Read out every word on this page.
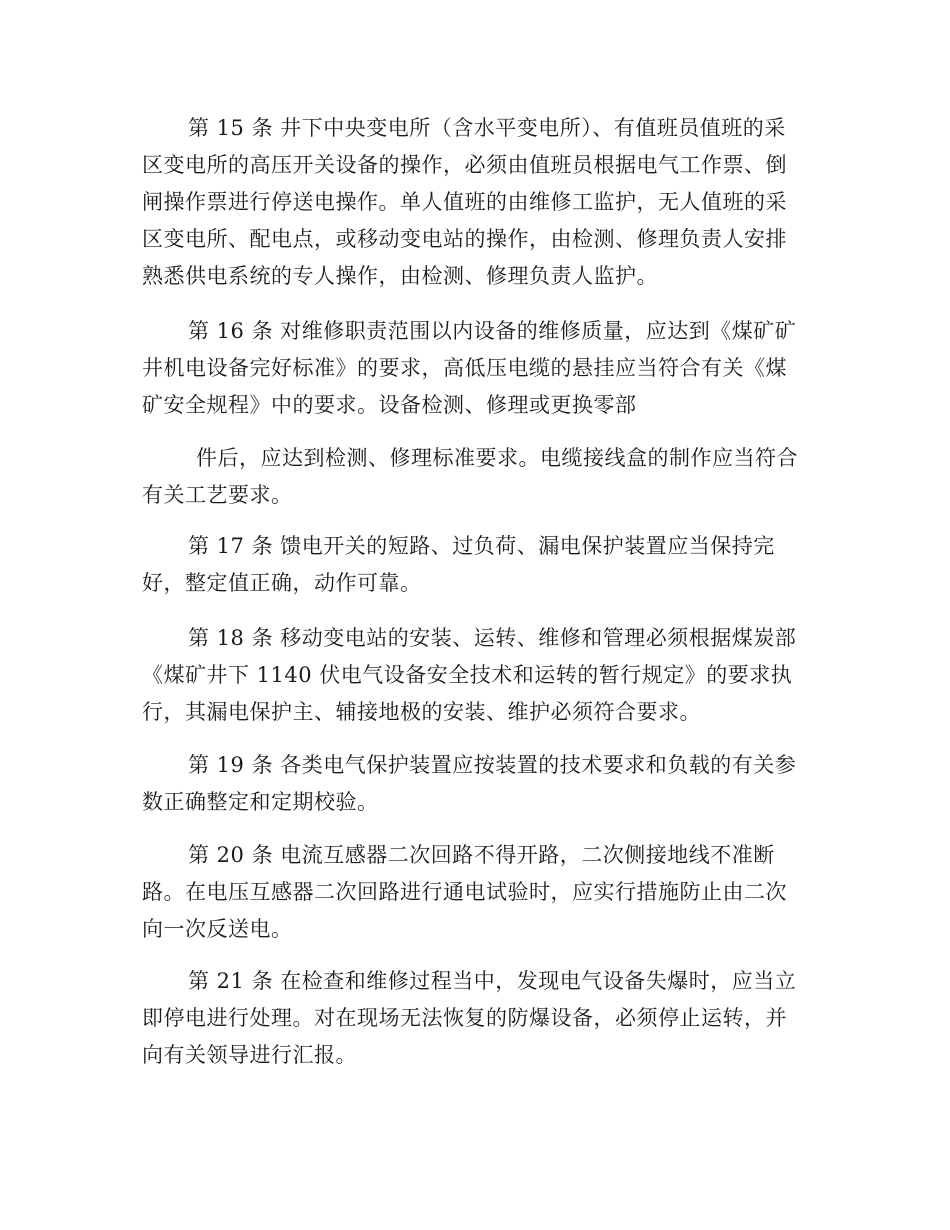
第 15 条 井下中央变电所（含水平变电所）、有值班员值班的采
区变电所的高压开关设备的操作，必须由值班员根据电气工作票、倒
闸操作票进行停送电操作。单人值班的由维修工监护，无人值班的采
区变电所、配电点，或移动变电站的操作，由检测、修理负责人安排
熟悉供电系统的专人操作，由检测、修理负责人监护。
第 16 条 对维修职责范围以内设备的维修质量，应达到《煤矿矿
井机电设备完好标准》的要求，高低压电缆的悬挂应当符合有关《煤
矿安全规程》中的要求。设备检测、修理或更换零部
件后，应达到检测、修理标准要求。电缆接线盒的制作应当符合
有关工艺要求。
第 17 条 馈电开关的短路、过负荷、漏电保护装置应当保持完
好，整定值正确，动作可靠。
第 18 条 移动变电站的安装、运转、维修和管理必须根据煤炭部
《煤矿井下 1140 伏电气设备安全技术和运转的暂行规定》的要求执
行，其漏电保护主、辅接地极的安装、维护必须符合要求。
第 19 条 各类电气保护装置应按装置的技术要求和负载的有关参
数正确整定和定期校验。
第 20 条 电流互感器二次回路不得开路，二次侧接地线不准断
路。在电压互感器二次回路进行通电试验时，应实行措施防止由二次
向一次反送电。
第 21 条 在检查和维修过程当中，发现电气设备失爆时，应当立
即停电进行处理。对在现场无法恢复的防爆设备，必须停止运转，并
向有关领导进行汇报。
